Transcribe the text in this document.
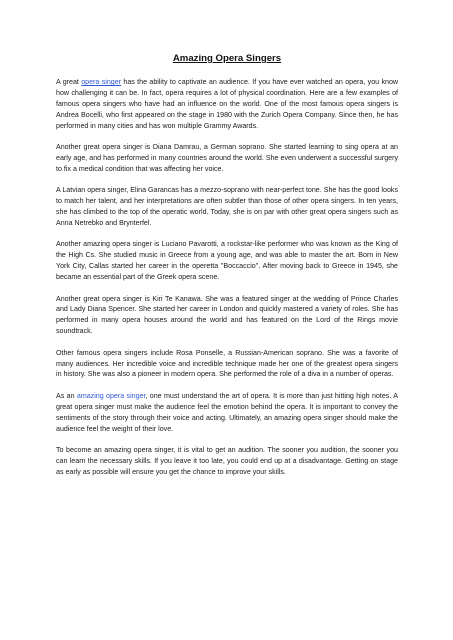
Amazing Opera Singers

A great opera singer has the ability to captivate an audience. If you have ever watched an opera, you know how challenging it can be. In fact, opera requires a lot of physical coordination. Here are a few examples of famous opera singers who have had an influence on the world. One of the most famous opera singers is Andrea Bocelli, who first appeared on the stage in 1980 with the Zurich Opera Company. Since then, he has performed in many cities and has won multiple Grammy Awards.

Another great opera singer is Diana Damrau, a German soprano. She started learning to sing opera at an early age, and has performed in many countries around the world. She even underwent a successful surgery to fix a medical condition that was affecting her voice.

A Latvian opera singer, Elina Garancas has a mezzo-soprano with near-perfect tone. She has the good looks to match her talent, and her interpretations are often subtler than those of other opera singers. In ten years, she has climbed to the top of the operatic world. Today, she is on par with other great opera singers such as Anna Netrebko and Brynterfel.

Another amazing opera singer is Luciano Pavarotti, a rockstar-like performer who was known as the King of the High Cs. She studied music in Greece from a young age, and was able to master the art. Born in New York City, Callas started her career in the operetta "Boccaccio". After moving back to Greece in 1945, she became an essential part of the Greek opera scene.

Another great opera singer is Kiri Te Kanawa. She was a featured singer at the wedding of Prince Charles and Lady Diana Spencer. She started her career in London and quickly mastered a variety of roles. She has performed in many opera houses around the world and has featured on the Lord of the Rings movie soundtrack.

Other famous opera singers include Rosa Ponselle, a Russian-American soprano. She was a favorite of many audiences. Her incredible voice and incredible technique made her one of the greatest opera singers in history. She was also a pioneer in modern opera. She performed the role of a diva in a number of operas.

As an amazing opera singer, one must understand the art of opera. It is more than just hitting high notes. A great opera singer must make the audience feel the emotion behind the opera. It is important to convey the sentiments of the story through their voice and acting. Ultimately, an amazing opera singer should make the audience feel the weight of their love.

To become an amazing opera singer, it is vital to get an audition. The sooner you audition, the sooner you can learn the necessary skills. If you leave it too late, you could end up at a disadvantage. Getting on stage as early as possible will ensure you get the chance to improve your skills.
